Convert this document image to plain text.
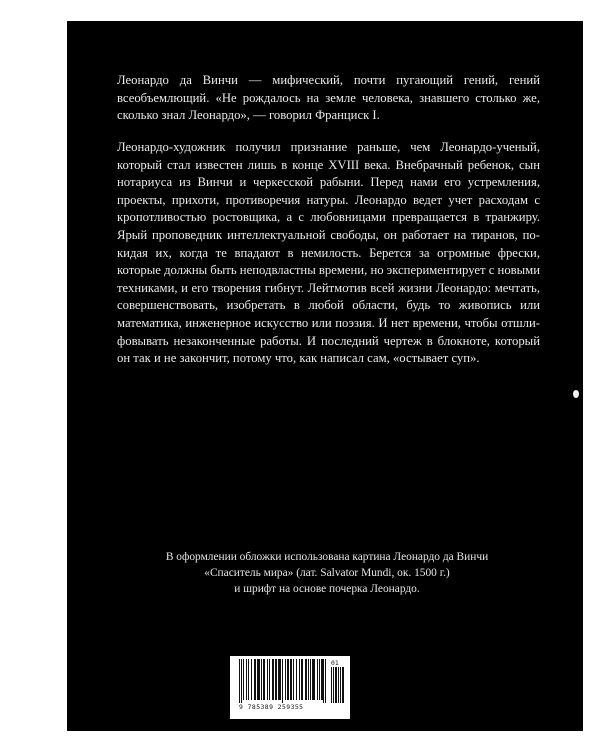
Леонардо да Винчи — мифический, почти пугающий гений, гений всеобъемлющий. «Не рождалось на земле человека, знавшего столько же, сколько знал Леонардо», — говорил Франциск I.

Леонардо-художник получил признание раньше, чем Леонардо-ученый, который стал известен лишь в конце XVIII века. Внебрачный ребенок, сын нотариуса из Винчи и черкесской рабыни. Перед нами его устремления, проекты, прихоти, противоречия натуры. Леонардо ведет учет расходам с кропотливостью ростовщика, а с любовницами превращается в транжиру. Ярый проповедник интеллектуальной свободы, он работает на тиранов, покидая их, когда те впадают в немилость. Берется за огромные фрески, которые должны быть неподвластны времени, но экспериментирует с новыми техниками, и его творения гибнут. Лейтмотив всей жизни Леонардо: мечтать, совершенствовать, изобретать в любой области, будь то живопись или математика, инженерное искусство или поэзия. И нет времени, чтобы отшлифовывать незаконченные работы. И последний чертеж в блокноте, который он так и не закончит, потому что, как написал сам, «остывает суп».

В оформлении обложки использована картина Леонардо да Винчи
«Спаситель мира» (лат. Salvator Mundi, ок. 1500 г.)
и шрифт на основе почерка Леонардо.
9 785389 259355
01
